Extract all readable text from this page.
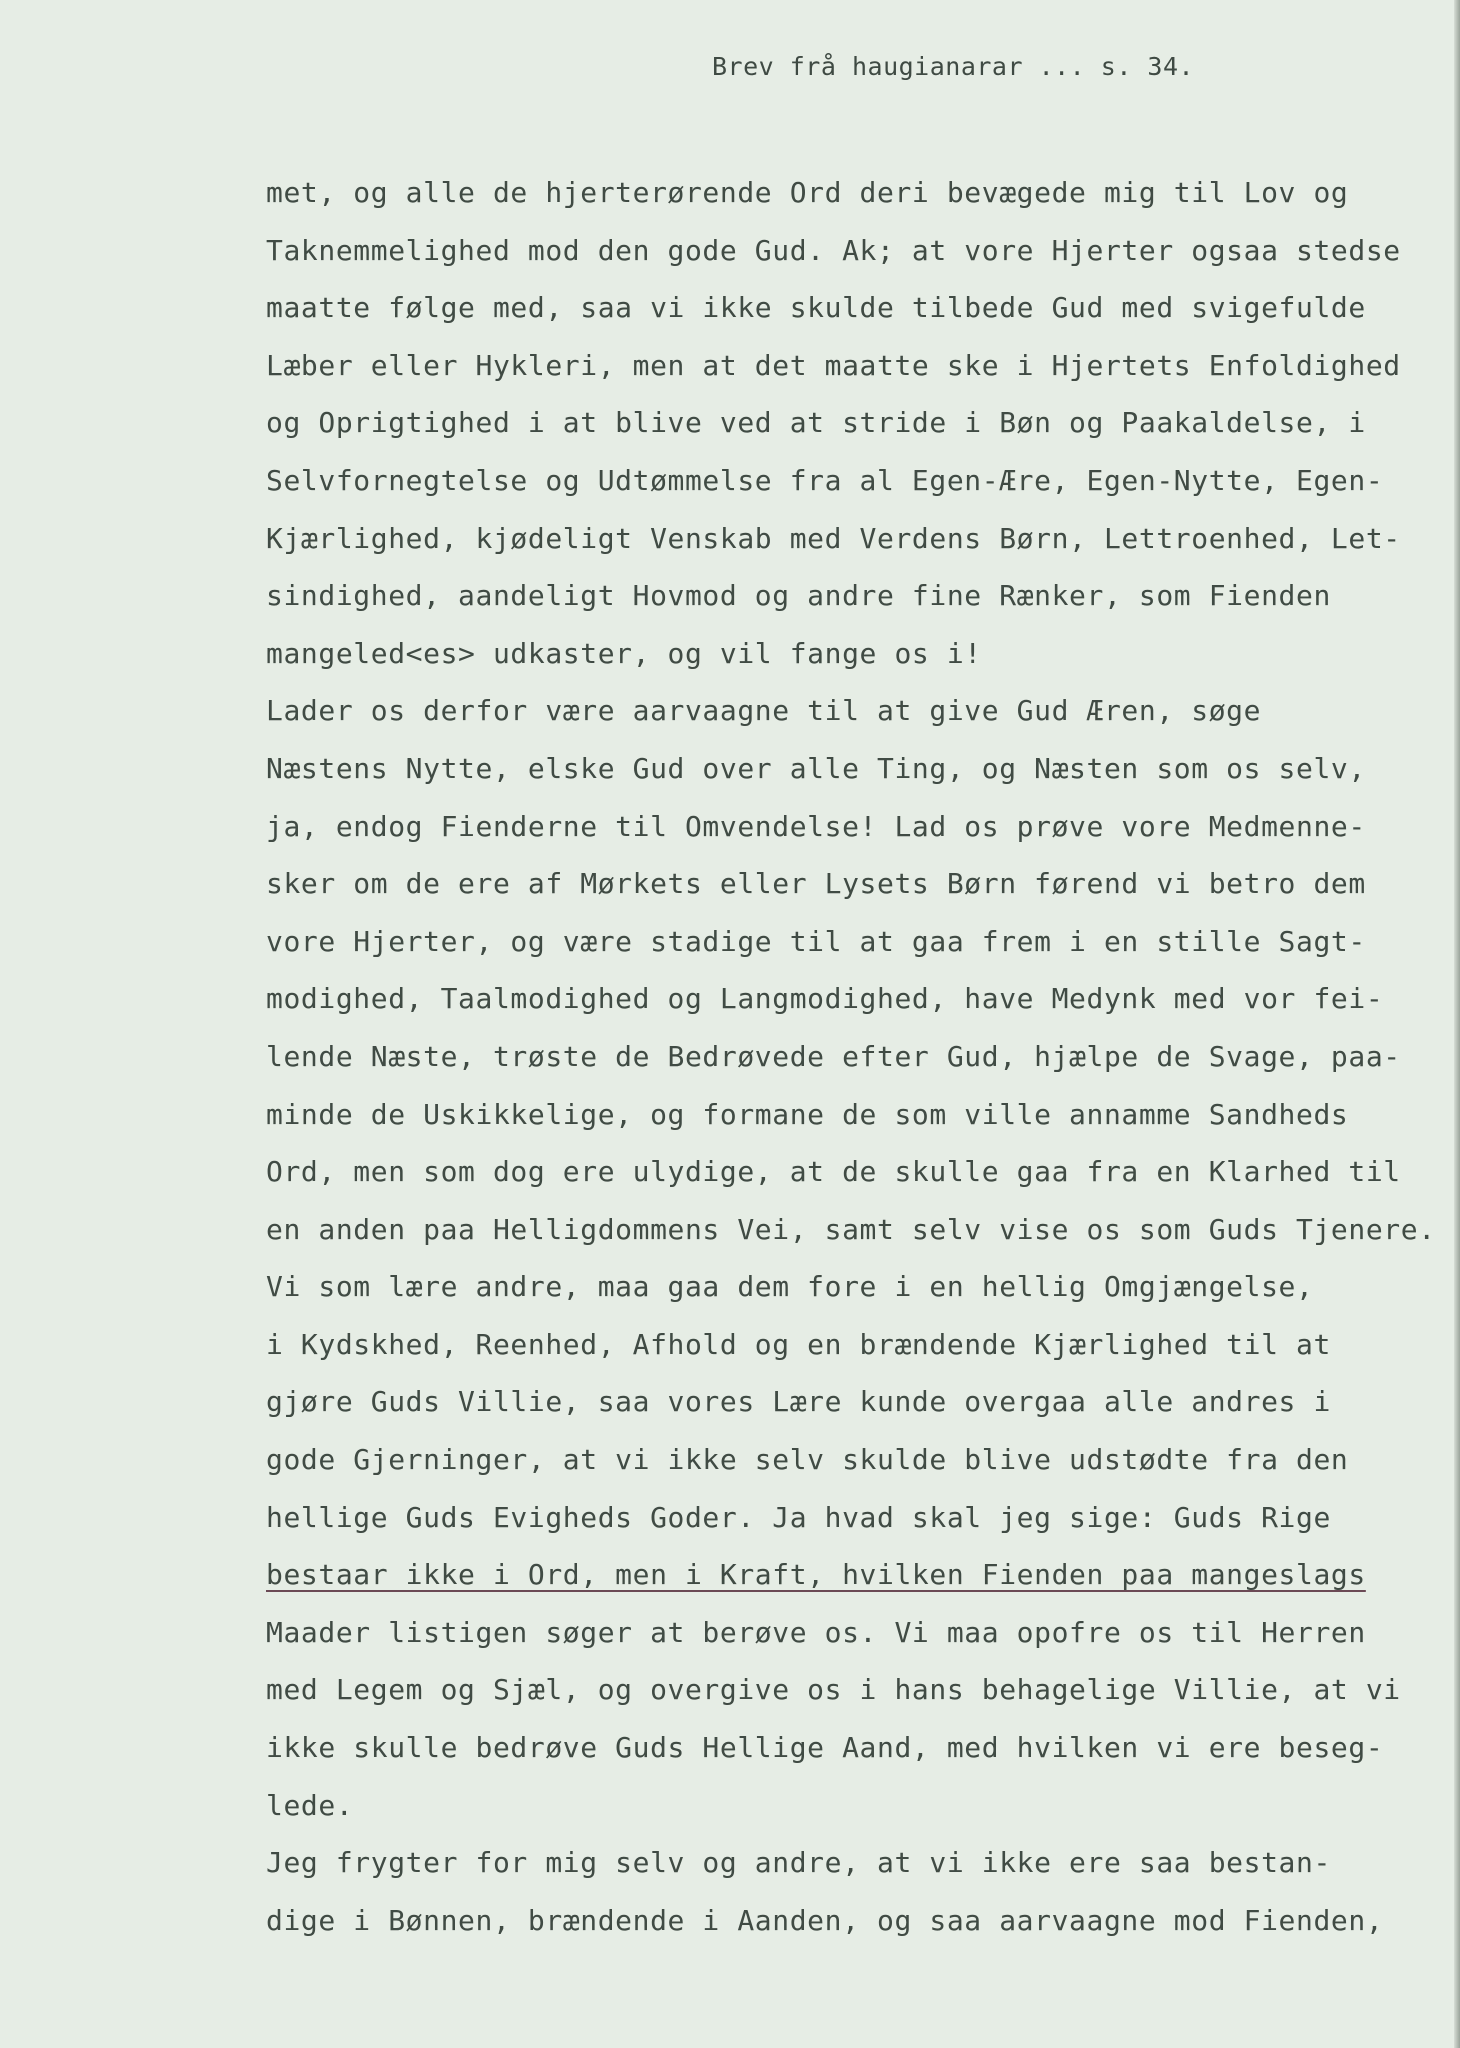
Brev frå haugianarar ... s. 34.
met, og alle de hjerterørende Ord deri bevægede mig til Lov og
Taknemmelighed mod den gode Gud. Ak; at vore Hjerter ogsaa stedse
maatte følge med, saa vi ikke skulde tilbede Gud med svigefulde
Læber eller Hykleri, men at det maatte ske i Hjertets Enfoldighed
og Oprigtighed i at blive ved at stride i Bøn og Paakaldelse, i
Selvfornegtelse og Udtømmelse fra al Egen-Ære, Egen-Nytte, Egen-
Kjærlighed, kjødeligt Venskab med Verdens Børn, Lettroenhed, Let-
sindighed, aandeligt Hovmod og andre fine Rænker, som Fienden
mangeled<es> udkaster, og vil fange os i!
Lader os derfor være aarvaagne til at give Gud Æren, søge
Næstens Nytte, elske Gud over alle Ting, og Næsten som os selv,
ja, endog Fienderne til Omvendelse! Lad os prøve vore Medmenne-
sker om de ere af Mørkets eller Lysets Børn førend vi betro dem
vore Hjerter, og være stadige til at gaa frem i en stille Sagt-
modighed, Taalmodighed og Langmodighed, have Medynk med vor fei-
lende Næste, trøste de Bedrøvede efter Gud, hjælpe de Svage, paa-
minde de Uskikkelige, og formane de som ville annamme Sandheds
Ord, men som dog ere ulydige, at de skulle gaa fra en Klarhed til
en anden paa Helligdommens Vei, samt selv vise os som Guds Tjenere.
Vi som lære andre, maa gaa dem fore i en hellig Omgjængelse,
i Kydskhed, Reenhed, Afhold og en brændende Kjærlighed til at
gjøre Guds Villie, saa vores Lære kunde overgaa alle andres i
gode Gjerninger, at vi ikke selv skulde blive udstødte fra den
hellige Guds Evigheds Goder. Ja hvad skal jeg sige: Guds Rige
bestaar ikke i Ord, men i Kraft, hvilken Fienden paa mangeslags
Maader listigen søger at berøve os. Vi maa opofre os til Herren
med Legem og Sjæl, og overgive os i hans behagelige Villie, at vi
ikke skulle bedrøve Guds Hellige Aand, med hvilken vi ere beseg-
lede.
Jeg frygter for mig selv og andre, at vi ikke ere saa bestan-
dige i Bønnen, brændende i Aanden, og saa aarvaagne mod Fienden,
